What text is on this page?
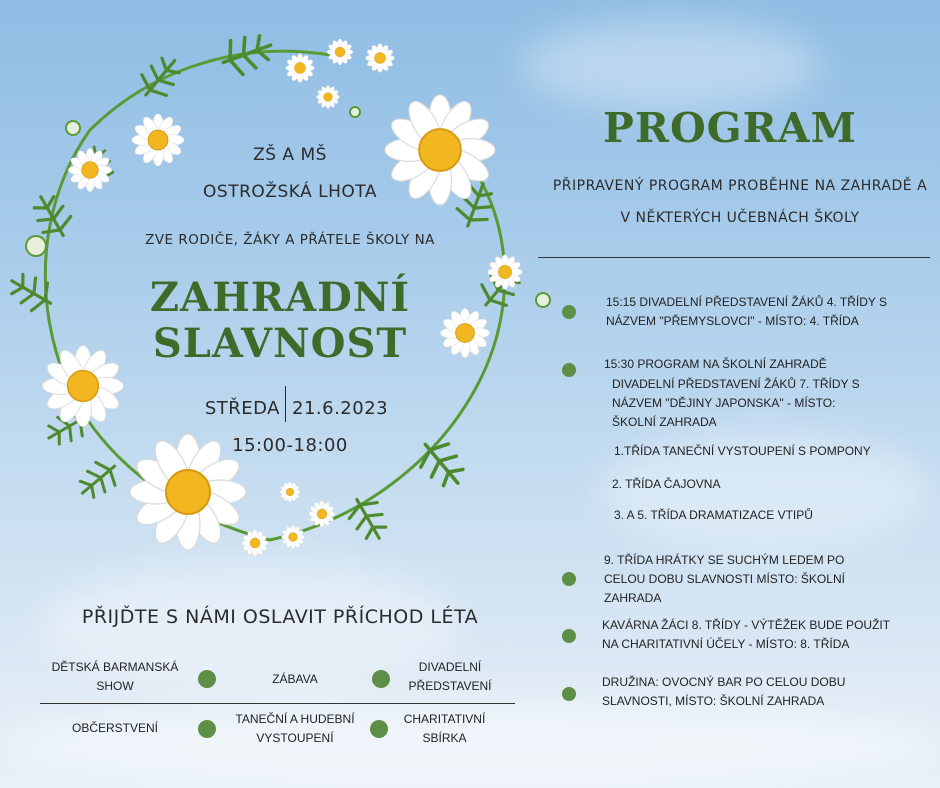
ZŠ A MŠ
OSTROŽSKÁ LHOTA
ZVE RODIČE, ŽÁKY A PŘÁTELE ŠKOLY NA
ZAHRADNÍ
SLAVNOST
STŘEDA 21.6.2023
15:00-18:00
PŘIJĎTE S NÁMI OSLAVIT PŘÍCHOD LÉTA
DĚTSKÁ BARMANSKÁ SHOW	ZÁBAVA
DIVADELNÍ PŘEDSTAVENÍ
OBČERSTVENÍ
TANEČNÍ A HUDEBNÍ VYSTOUPENÍ
CHARITATIVNÍ SBÍRKA
PROGRAM
PŘIPRAVENÝ PROGRAM PROBĚHNE NA ZAHRADĚ A
V NĚKTERÝCH UČEBNÁCH ŠKOLY
15:15 DIVADELNÍ PŘEDSTAVENÍ ŽÁKŮ 4. TŘÍDY S NÁZVEM "PŘEMYSLOVCI" - MÍSTO: 4. TŘÍDA
15:30 PROGRAM NA ŠKOLNÍ ZAHRADĚ
DIVADELNÍ PŘEDSTAVENÍ ŽÁKŮ 7. TŘÍDY S NÁZVEM "DĚJINY JAPONSKA" - MÍSTO: ŠKOLNÍ ZAHRADA
1.TŘÍDA TANEČNÍ VYSTOUPENÍ S POMPONY
2. TŘÍDA ČAJOVNA
3. A 5. TŘÍDA DRAMATIZACE VTIPŮ
9. TŘÍDA HRÁTKY SE SUCHÝM LEDEM PO CELOU DOBU SLAVNOSTI MÍSTO: ŠKOLNÍ ZAHRADA
KAVÁRNA ŽÁCI 8. TŘÍDY - VÝTĚŽEK BUDE POUŽIT NA CHARITATIVNÍ ÚČELY - MÍSTO: 8. TŘÍDA
DRUŽINA: OVOCNÝ BAR PO CELOU DOBU SLAVNOSTI, MÍSTO: ŠKOLNÍ ZAHRADA
